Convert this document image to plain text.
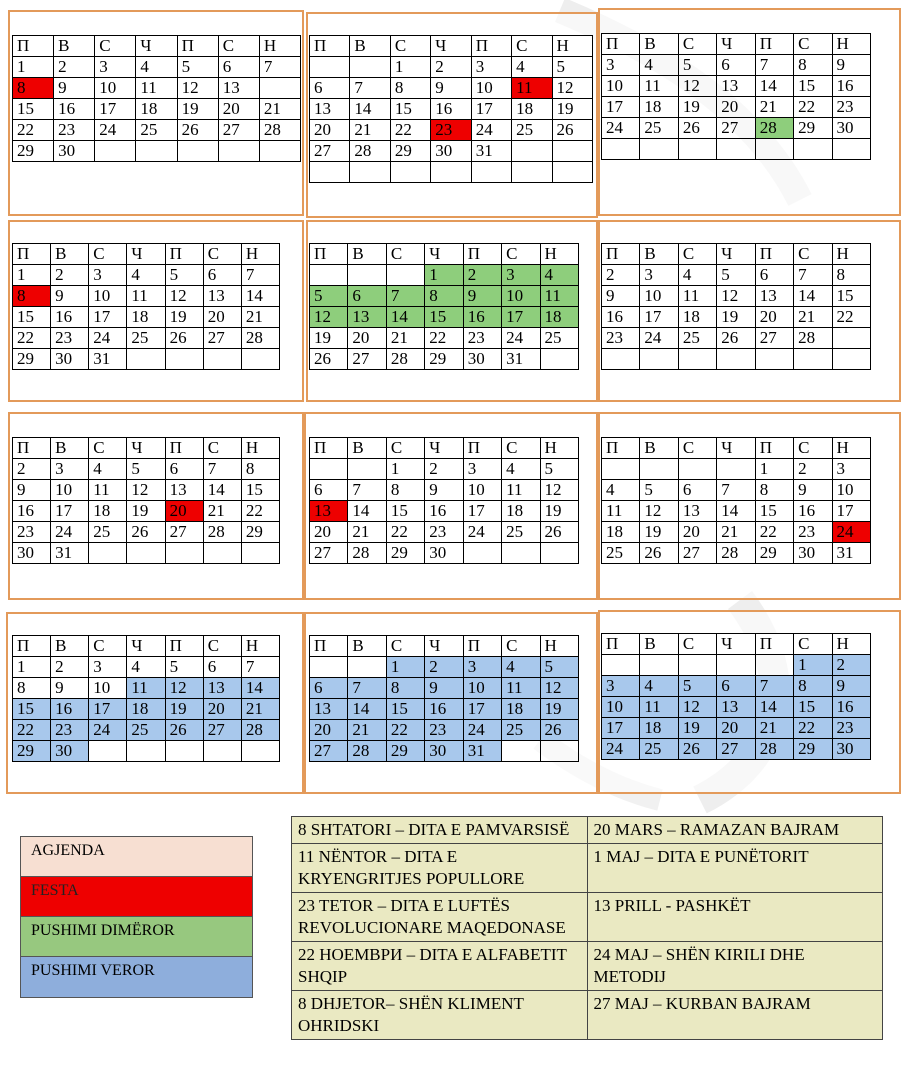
П	В	С	Ч	П	С	Н
1	2	3	4	5	6	7
8	9	10	11	12	13	
15	16	17	18	19	20	21
22	23	24	25	26	27	28
29	30					
П	В	С	Ч	П	С	Н
		1	2	3	4	5
6	7	8	9	10	11	12
13	14	15	16	17	18	19
20	21	22	23	24	25	26
27	28	29	30	31		

П	В	С	Ч	П	С	Н
3	4	5	6	7	8	9
10	11	12	13	14	15	16
17	18	19	20	21	22	23
24	25	26	27	28	29	30

П	В	С	Ч	П	С	Н
1	2	3	4	5	6	7
8	9	10	11	12	13	14
15	16	17	18	19	20	21
22	23	24	25	26	27	28
29	30	31				
П	В	С	Ч	П	С	Н
			1	2	3	4
5	6	7	8	9	10	11
12	13	14	15	16	17	18
19	20	21	22	23	24	25
26	27	28	29	30	31	
П	В	С	Ч	П	С	Н
2	3	4	5	6	7	8
9	10	11	12	13	14	15
16	17	18	19	20	21	22
23	24	25	26	27	28	

П	В	С	Ч	П	С	Н
2	3	4	5	6	7	8
9	10	11	12	13	14	15
16	17	18	19	20	21	22
23	24	25	26	27	28	29
30	31					
П	В	С	Ч	П	С	Н
		1	2	3	4	5
6	7	8	9	10	11	12
13	14	15	16	17	18	19
20	21	22	23	24	25	26
27	28	29	30			
П	В	С	Ч	П	С	Н
				1	2	3
4	5	6	7	8	9	10
11	12	13	14	15	16	17
18	19	20	21	22	23	24
25	26	27	28	29	30	31
П	В	С	Ч	П	С	Н
1	2	3	4	5	6	7
8	9	10	11	12	13	14
15	16	17	18	19	20	21
22	23	24	25	26	27	28
29	30					
П	В	С	Ч	П	С	Н
		1	2	3	4	5
6	7	8	9	10	11	12
13	14	15	16	17	18	19
20	21	22	23	24	25	26
27	28	29	30	31		
П	В	С	Ч	П	С	Н
					1	2
3	4	5	6	7	8	9
10	11	12	13	14	15	16
17	18	19	20	21	22	23
24	25	26	27	28	29	30
AGJENDA
FESTA
PUSHIMI DIMËROR
PUSHIMI VEROR
8 SHTATORI – DITA E PAMVARSISË	20 MARS – RAMAZAN BAJRAM
11 NËNTOR – DITA E KRYENGRITJES POPULLORE	1 MAJ – DITA E PUNËTORIT
23 TETOR – DITA E LUFTËS REVOLUCIONARE MAQEDONASE	13 PRILL - PASHKËT
22 НОЕМВРИ – DITA E ALFABETIT SHQIP	24 MAJ – SHËN KIRILI DHE METODIJ
8 DHJETOR– SHËN KLIMENT OHRIDSKI	27 MAJ – KURBAN BAJRAM
